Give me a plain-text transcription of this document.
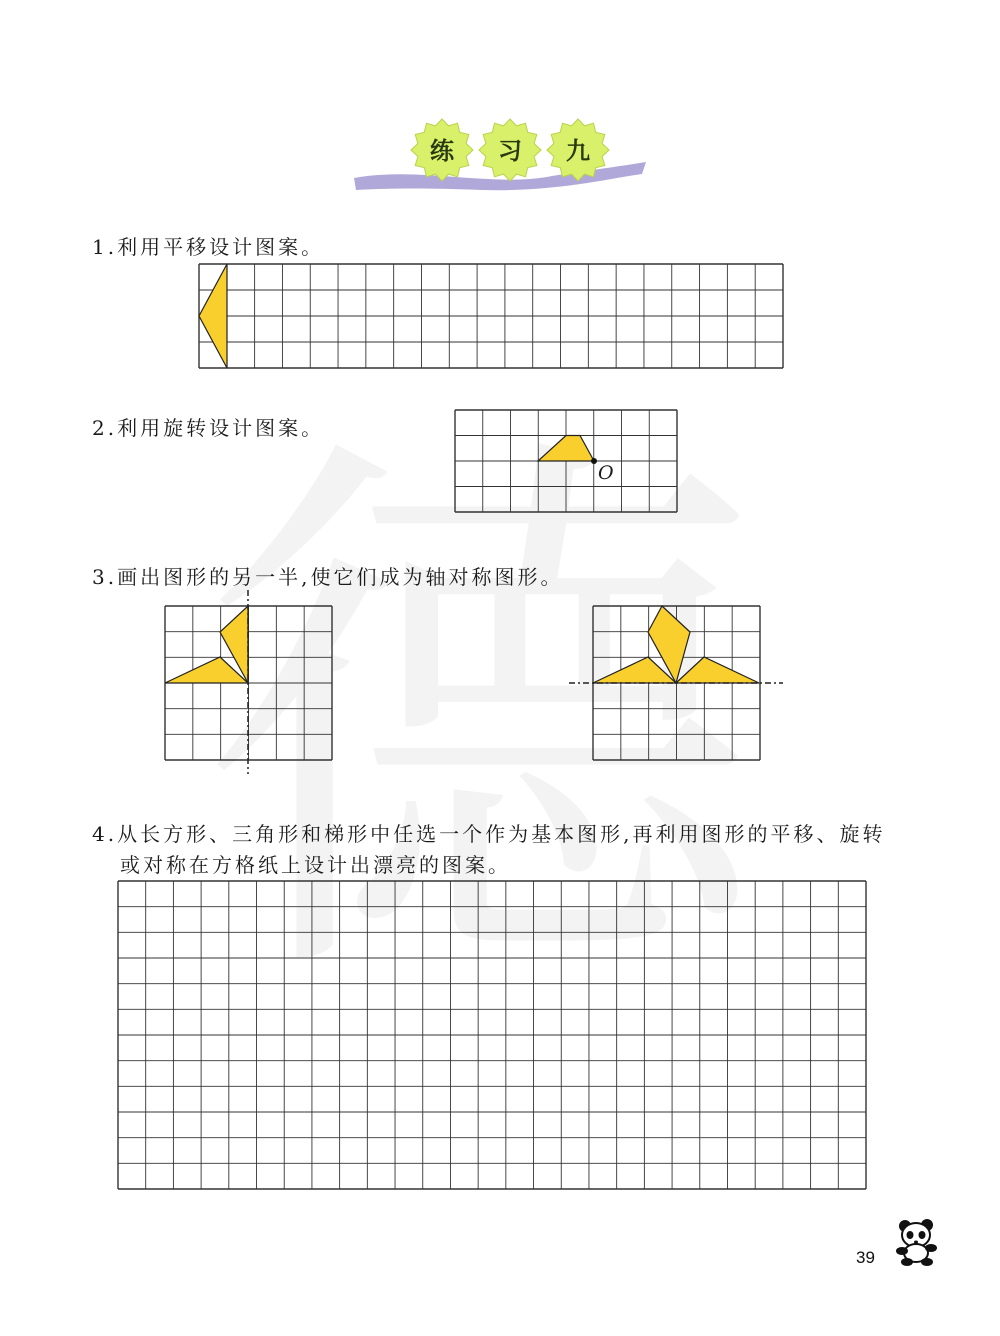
练	习	九
1.利用平移设计图案。
2.利用旋转设计图案。
O
3.画出图形的另一半,使它们成为轴对称图形。
4.从长方形、三角形和梯形中任选一个作为基本图形,再利用图形的平移、旋转
或对称在方格纸上设计出漂亮的图案。
39
